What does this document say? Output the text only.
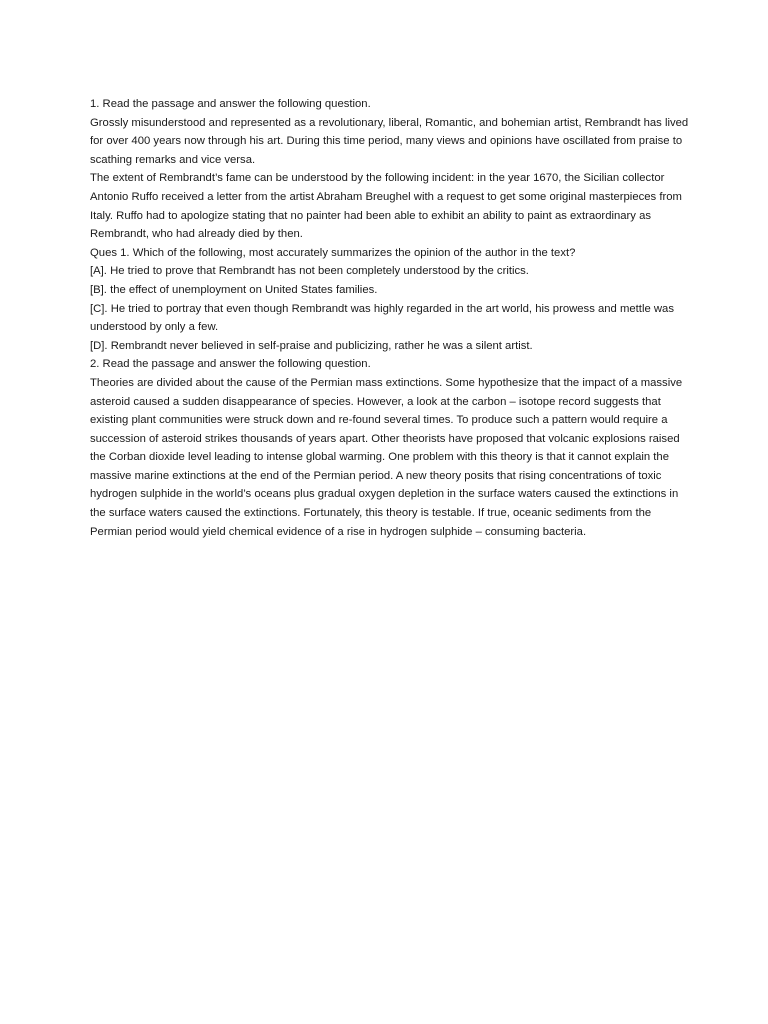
1. Read the passage and answer the following question.

Grossly misunderstood and represented as a revolutionary, liberal, Romantic, and bohemian artist, Rembrandt has lived for over 400 years now through his art. During this time period, many views and opinions have oscillated from praise to scathing remarks and vice versa.

The extent of Rembrandt’s fame can be understood by the following incident: in the year 1670, the Sicilian collector Antonio Ruffo received a letter from the artist Abraham Breughel with a request to get some original masterpieces from Italy. Ruffo had to apologize stating that no painter had been able to exhibit an ability to paint as extraordinary as Rembrandt, who had already died by then.

Ques 1. Which of the following, most accurately summarizes the opinion of the author in the text?

[A]. He tried to prove that Rembrandt has not been completely understood by the critics.

[B]. the effect of unemployment on United States families.

[C]. He tried to portray that even though Rembrandt was highly regarded in the art world, his prowess and mettle was understood by only a few.

[D]. Rembrandt never believed in self-praise and publicizing, rather he was a silent artist.

2. Read the passage and answer the following question.

Theories are divided about the cause of the Permian mass extinctions. Some hypothesize that the impact of a massive asteroid caused a sudden disappearance of species. However, a look at the carbon – isotope record suggests that existing plant communities were struck down and re-found several times. To produce such a pattern would require a succession of asteroid strikes thousands of years apart. Other theorists have proposed that volcanic explosions raised the Corban dioxide level leading to intense global warming. One problem with this theory is that it cannot explain the massive marine extinctions at the end of the Permian period. A new theory posits that rising concentrations of toxic hydrogen sulphide in the world’s oceans plus gradual oxygen depletion in the surface waters caused the extinctions in the surface waters caused the extinctions. Fortunately, this theory is testable. If true, oceanic sediments from the Permian period would yield chemical evidence of a rise in hydrogen sulphide – consuming bacteria.
